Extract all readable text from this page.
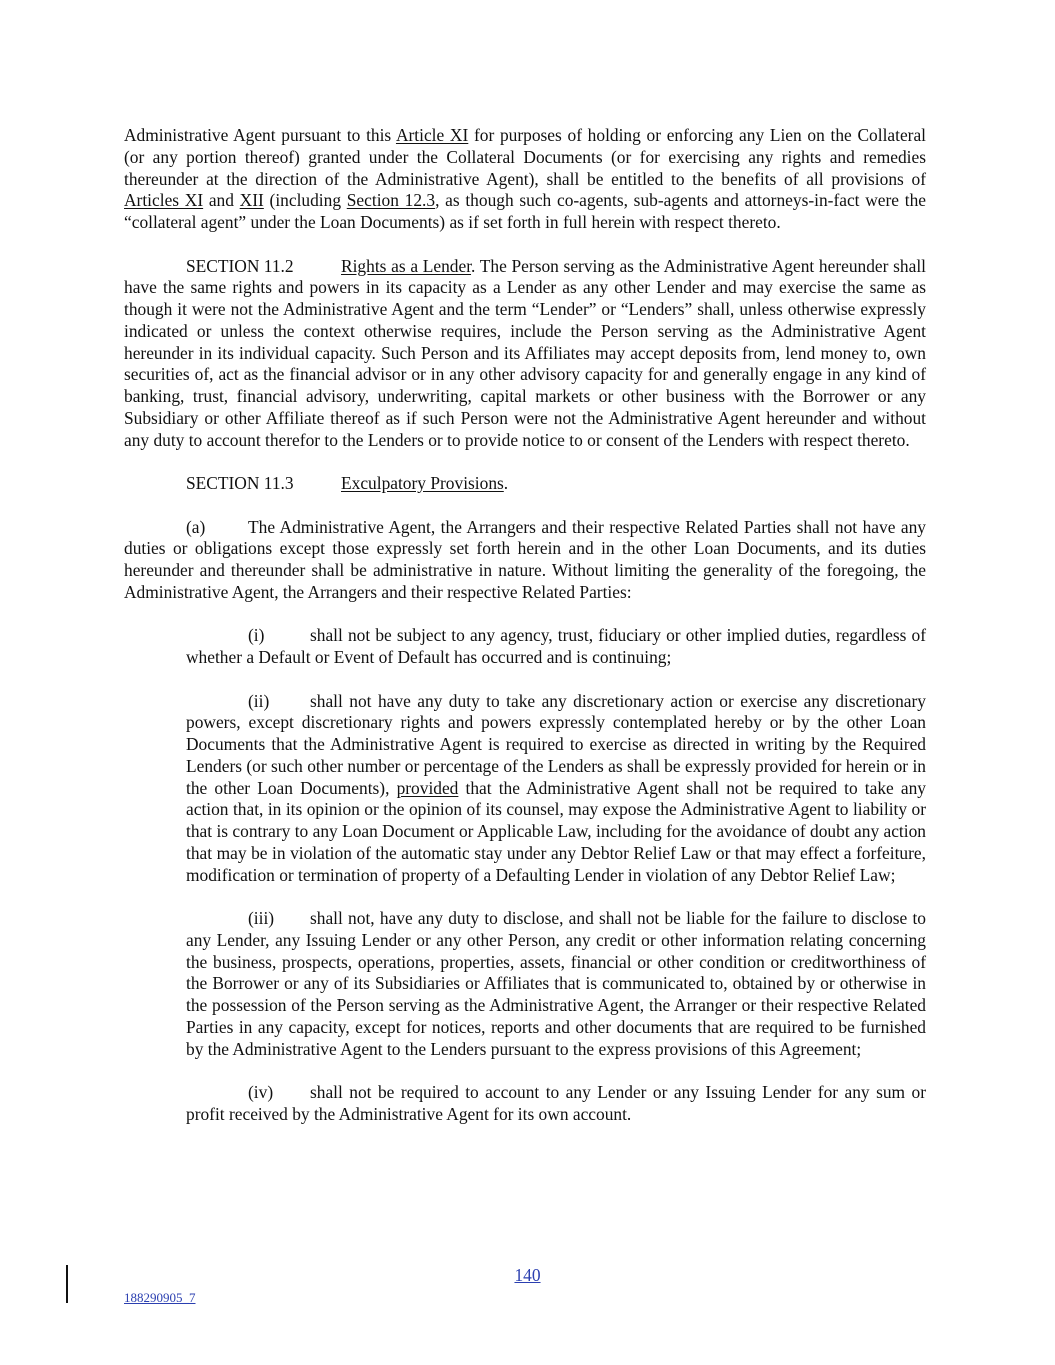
Administrative Agent pursuant to this Article XI for purposes of holding or enforcing any Lien on the Collateral (or any portion thereof) granted under the Collateral Documents (or for exercising any rights and remedies thereunder at the direction of the Administrative Agent), shall be entitled to the benefits of all provisions of Articles XI and XII (including Section 12.3, as though such co-agents, sub-agents and attorneys-in-fact were the “collateral agent” under the Loan Documents) as if set forth in full herein with respect thereto.

SECTION 11.2	Rights as a Lender. The Person serving as the Administrative Agent hereunder shall have the same rights and powers in its capacity as a Lender as any other Lender and may exercise the same as though it were not the Administrative Agent and the term “Lender” or “Lenders” shall, unless otherwise expressly indicated or unless the context otherwise requires, include the Person serving as the Administrative Agent hereunder in its individual capacity. Such Person and its Affiliates may accept deposits from, lend money to, own securities of, act as the financial advisor or in any other advisory capacity for and generally engage in any kind of banking, trust, financial advisory, underwriting, capital markets or other business with the Borrower or any Subsidiary or other Affiliate thereof as if such Person were not the Administrative Agent hereunder and without any duty to account therefor to the Lenders or to provide notice to or consent of the Lenders with respect thereto.

SECTION 11.3	Exculpatory Provisions.

(a) The Administrative Agent, the Arrangers and their respective Related Parties shall not have any duties or obligations except those expressly set forth herein and in the other Loan Documents, and its duties hereunder and thereunder shall be administrative in nature. Without limiting the generality of the foregoing, the Administrative Agent, the Arrangers and their respective Related Parties:

(i)	shall not be subject to any agency, trust, fiduciary or other implied duties, regardless of whether a Default or Event of Default has occurred and is continuing;

(ii) shall not have any duty to take any discretionary action or exercise any discretionary powers, except discretionary rights and powers expressly contemplated hereby or by the other Loan Documents that the Administrative Agent is required to exercise as directed in writing by the Required Lenders (or such other number or percentage of the Lenders as shall be expressly provided for herein or in the other Loan Documents), provided that the Administrative Agent shall not be required to take any action that, in its opinion or the opinion of its counsel, may expose the Administrative Agent to liability or that is contrary to any Loan Document or Applicable Law, including for the avoidance of doubt any action that may be in violation of the automatic stay under any Debtor Relief Law or that may effect a forfeiture, modification or termination of property of a Defaulting Lender in violation of any Debtor Relief Law;

(iii) shall not, have any duty to disclose, and shall not be liable for the failure to disclose to any Lender, any Issuing Lender or any other Person, any credit or other information relating concerning the business, prospects, operations, properties, assets, financial or other condition or creditworthiness of the Borrower or any of its Subsidiaries or Affiliates that is communicated to, obtained by or otherwise in the possession of the Person serving as the Administrative Agent, the Arranger or their respective Related Parties in any capacity, except for notices, reports and other documents that are required to be furnished by the Administrative Agent to the Lenders pursuant to the express provisions of this Agreement;

(iv) shall not be required to account to any Lender or any Issuing Lender for any sum or profit received by the Administrative Agent for its own account.

140
188290905_7
